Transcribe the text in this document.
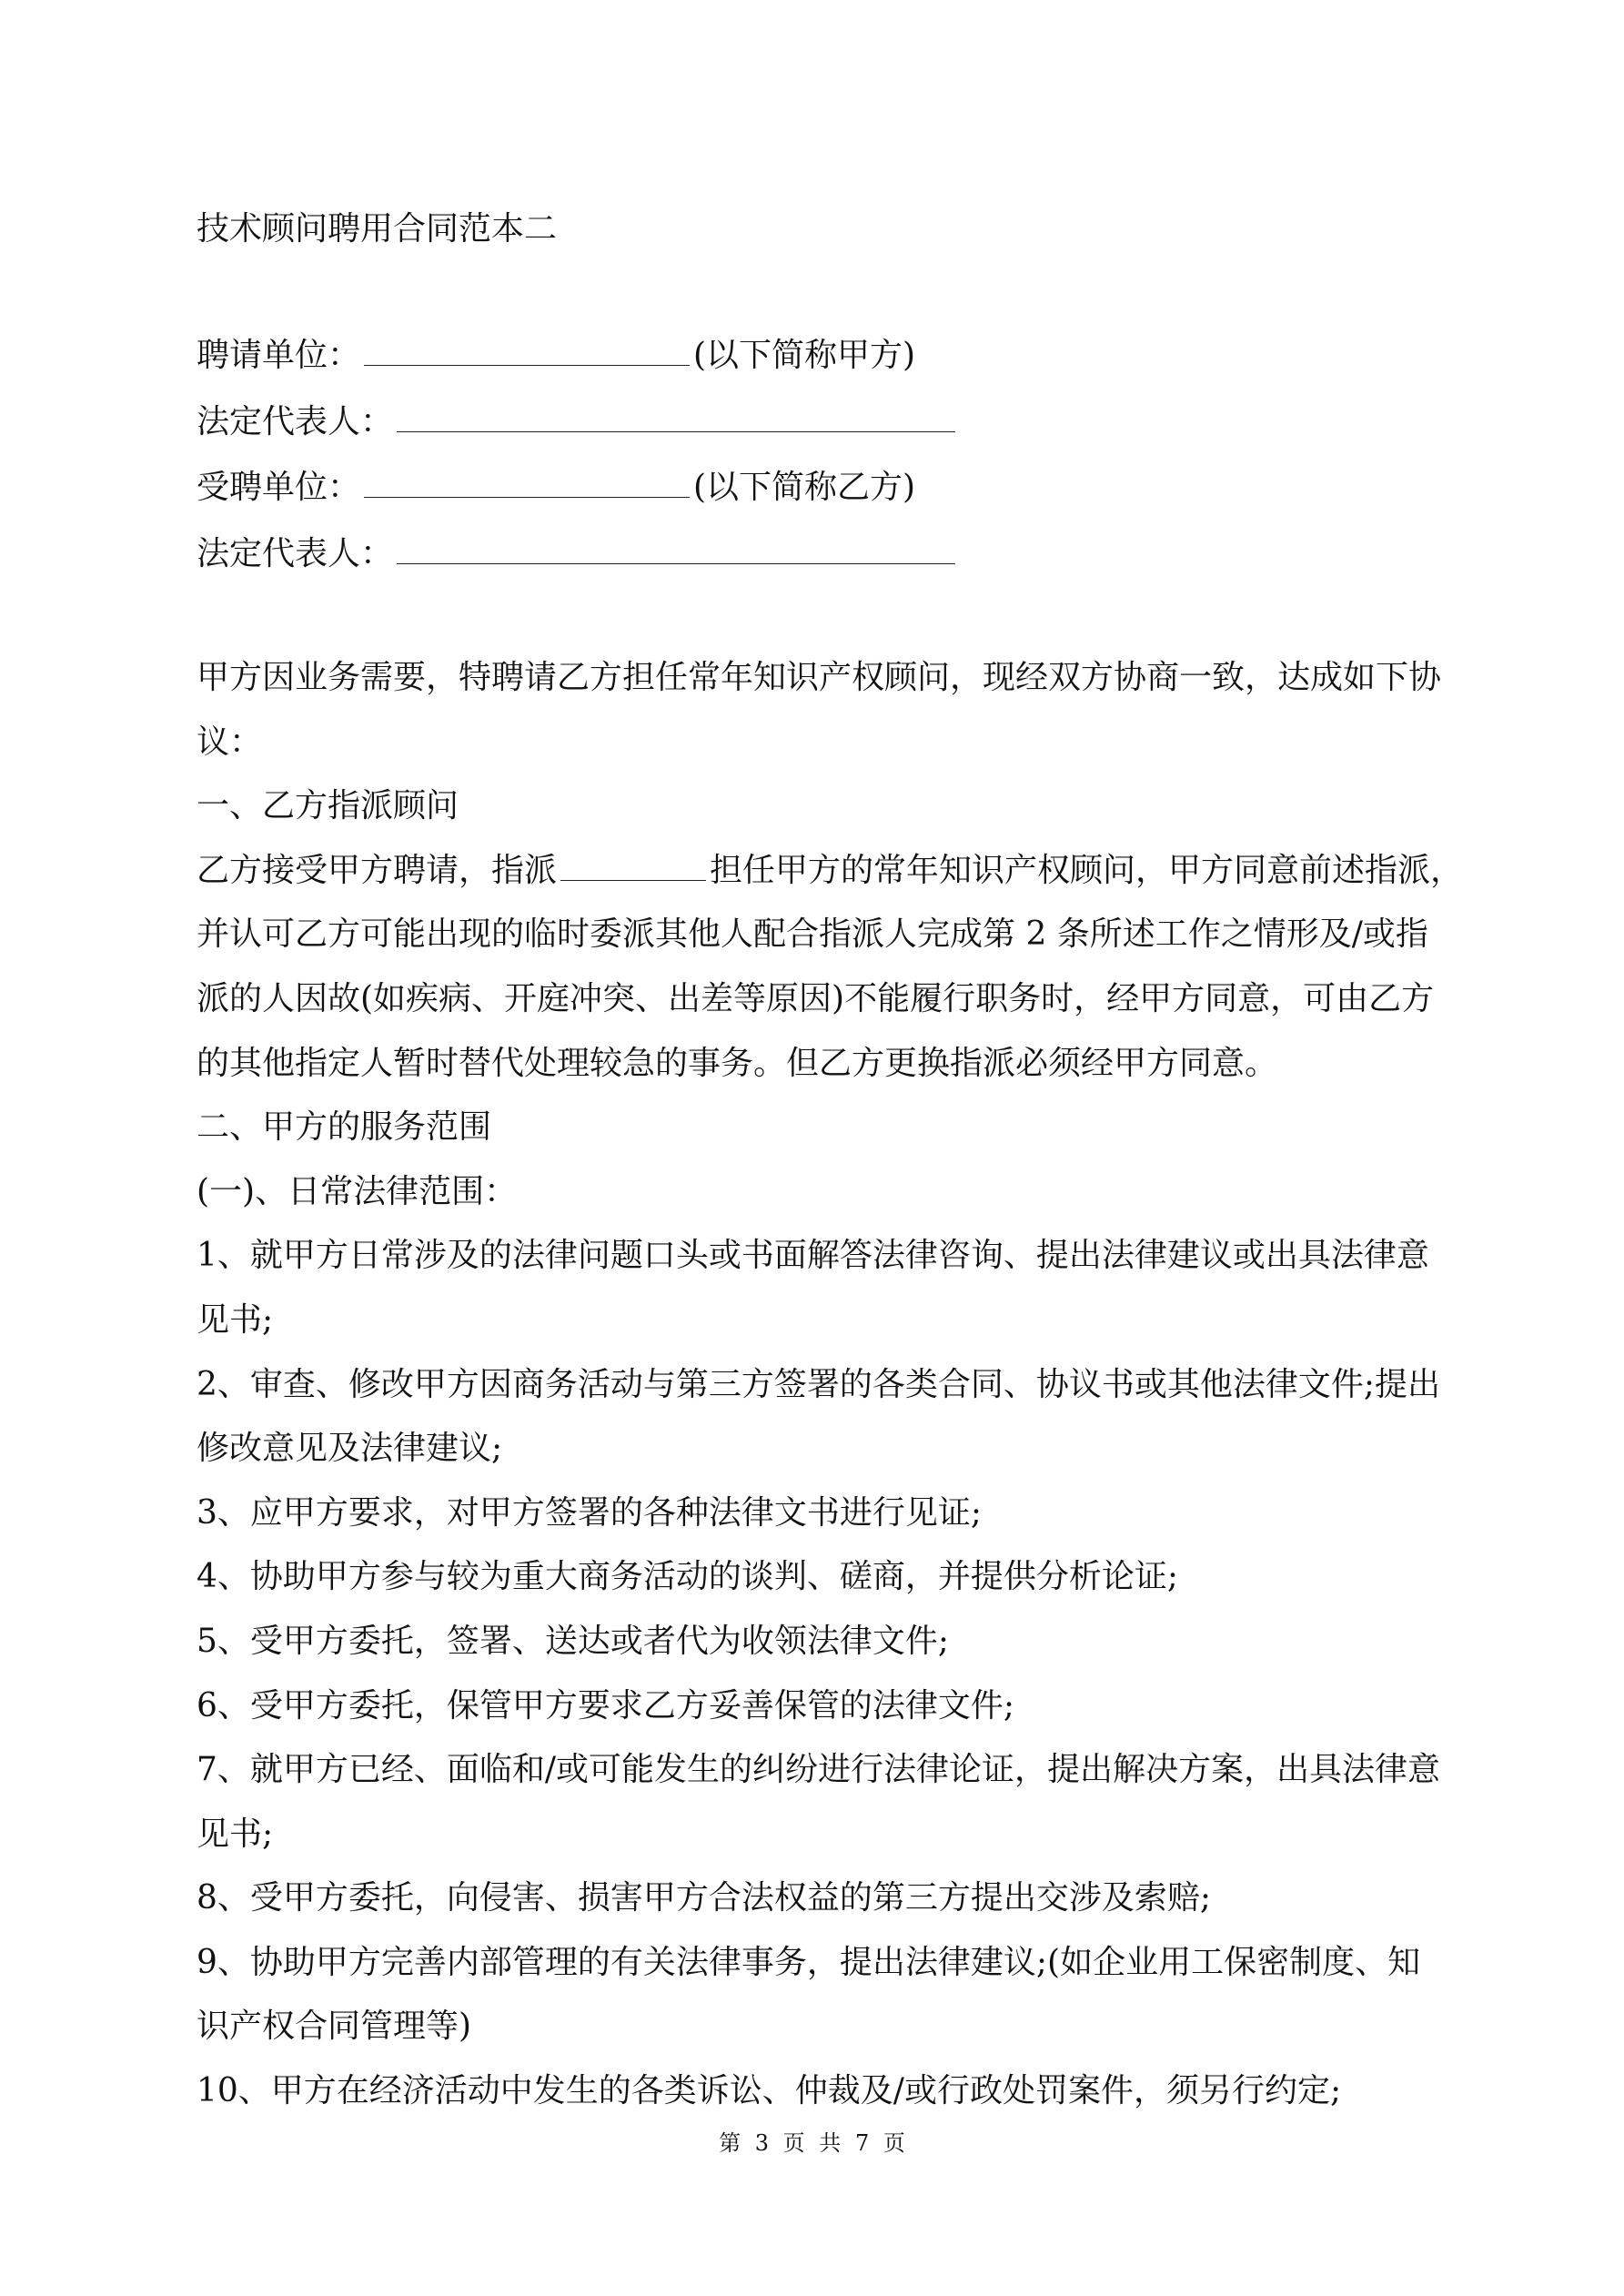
技术顾问聘用合同范本二
聘请单位：	(以下简称甲方)
法定代表人：
受聘单位：	(以下简称乙方)
法定代表人：
甲方因业务需要，特聘请乙方担任常年知识产权顾问，现经双方协商一致，达成如下协
议：
一、乙方指派顾问
乙方接受甲方聘请，指派	担任甲方的常年知识产权顾问，甲方同意前述指派，
并认可乙方可能出现的临时委派其他人配合指派人完成第 2 条所述工作之情形及/或指
派的人因故(如疾病、开庭冲突、出差等原因)不能履行职务时，经甲方同意，可由乙方
的其他指定人暂时替代处理较急的事务。但乙方更换指派必须经甲方同意。
二、甲方的服务范围
(一)、日常法律范围：
1、就甲方日常涉及的法律问题口头或书面解答法律咨询、提出法律建议或出具法律意
见书;
2、审查、修改甲方因商务活动与第三方签署的各类合同、协议书或其他法律文件;提出
修改意见及法律建议;
3、应甲方要求，对甲方签署的各种法律文书进行见证;
4、协助甲方参与较为重大商务活动的谈判、磋商，并提供分析论证;
5、受甲方委托，签署、送达或者代为收领法律文件;
6、受甲方委托，保管甲方要求乙方妥善保管的法律文件;
7、就甲方已经、面临和/或可能发生的纠纷进行法律论证，提出解决方案，出具法律意
见书;
8、受甲方委托，向侵害、损害甲方合法权益的第三方提出交涉及索赔;
9、协助甲方完善内部管理的有关法律事务，提出法律建议;(如企业用工保密制度、知
识产权合同管理等)
10、甲方在经济活动中发生的各类诉讼、仲裁及/或行政处罚案件，须另行约定;
第 3 页 共 7 页
